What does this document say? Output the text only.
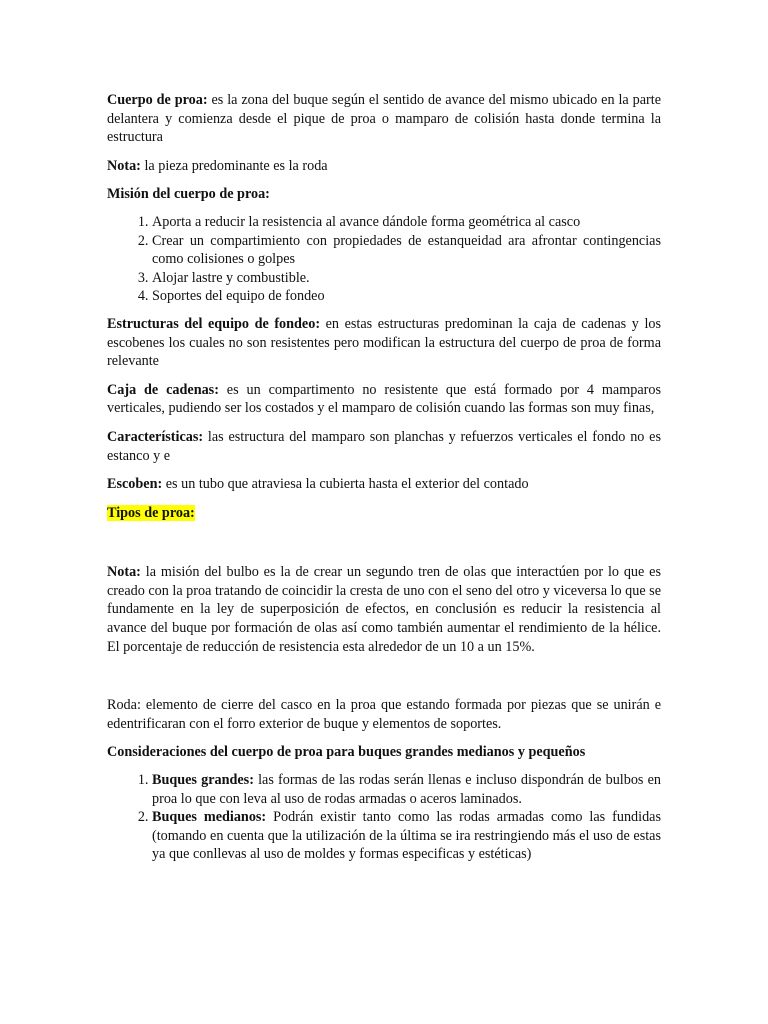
Cuerpo de proa: es la zona del buque según el sentido de avance del mismo ubicado en la parte delantera y comienza desde el pique de proa o mamparo de colisión hasta donde termina la estructura

Nota: la pieza predominante es la roda

Misión del cuerpo de proa:

1. Aporta a reducir la resistencia al avance dándole forma geométrica al casco
2. Crear un compartimiento con propiedades de estanqueidad ara afrontar contingencias como colisiones o golpes
3. Alojar lastre y combustible.
4. Soportes del equipo de fondeo

Estructuras del equipo de fondeo: en estas estructuras predominan la caja de cadenas y los escobenes los cuales no son resistentes pero modifican la estructura del cuerpo de proa de forma relevante

Caja de cadenas: es un compartimento no resistente que está formado por 4 mamparos verticales, pudiendo ser los costados y el mamparo de colisión cuando las formas son muy finas,

Características: las estructura del mamparo son planchas y refuerzos verticales el fondo no es estanco y e

Escoben: es un tubo que atraviesa la cubierta hasta el exterior del contado

Tipos de proa:

Nota: la misión del bulbo es la de crear un segundo tren de olas que interactúen por lo que es creado con la proa tratando de coincidir la cresta de uno con el seno del otro y viceversa lo que se fundamente en la ley de superposición de efectos, en conclusión es reducir la resistencia al avance del buque por formación de olas así como también aumentar el rendimiento de la hélice. El porcentaje de reducción de resistencia esta alrededor de un 10 a un 15%.

Roda: elemento de cierre del casco en la proa que estando formada por piezas que se unirán e edentrificaran con el forro exterior de buque y elementos de soportes.

Consideraciones del cuerpo de proa para buques grandes medianos y pequeños

1. Buques grandes: las formas de las rodas serán llenas e incluso dispondrán de bulbos en proa lo que con leva al uso de rodas armadas o aceros laminados.
2. Buques medianos: Podrán existir tanto como las rodas armadas como las fundidas (tomando en cuenta que la utilización de la última se ira restringiendo más el uso de estas ya que conllevas al uso de moldes y formas especificas y estéticas)
